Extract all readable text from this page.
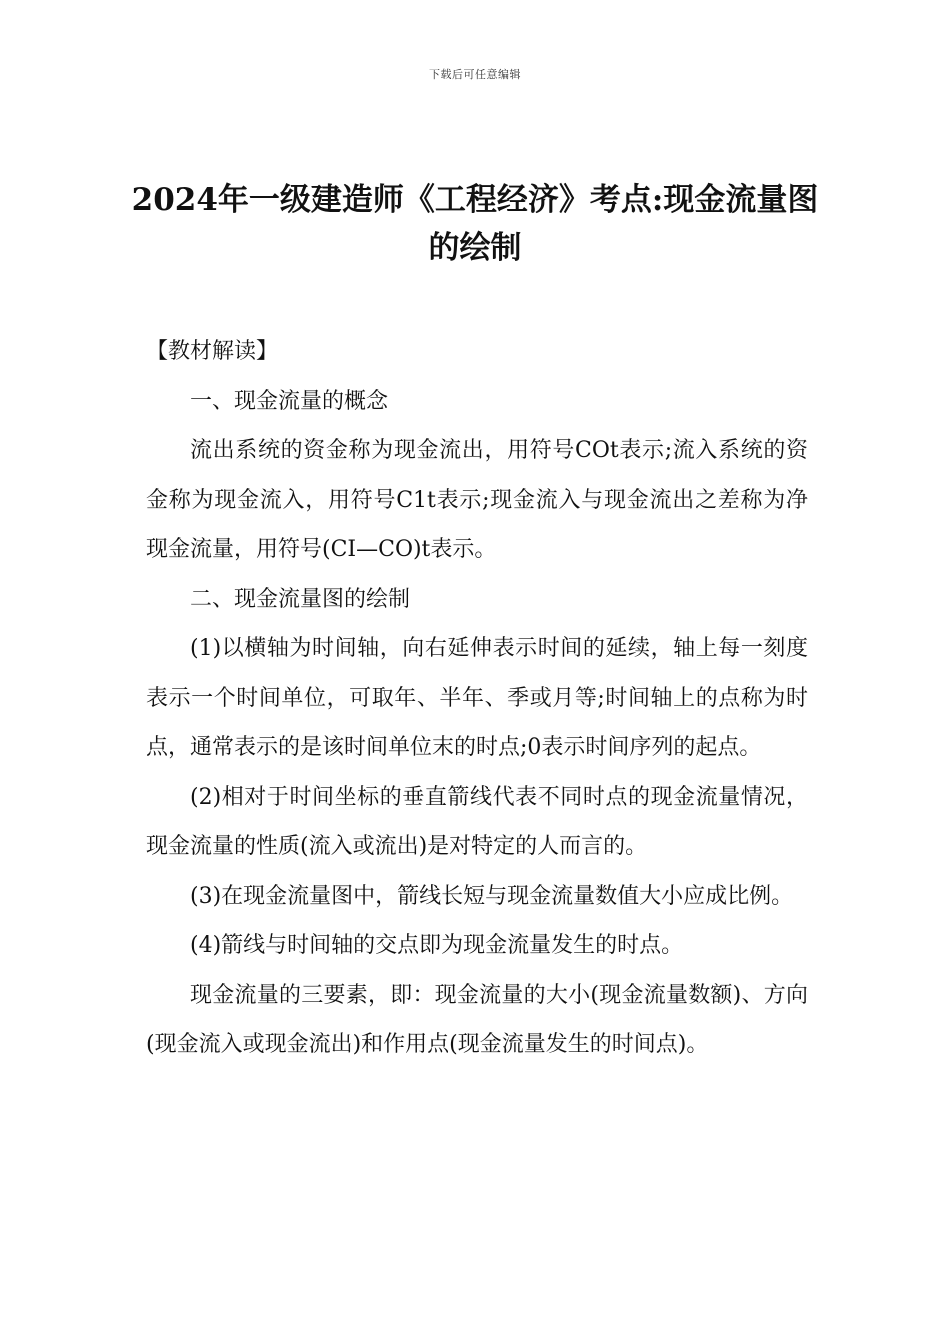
下载后可任意编辑
2024年一级建造师《工程经济》考点:现金流量图的绘制

【教材解读】

一、现金流量的概念

流出系统的资金称为现金流出，用符号COt表示;流入系统的资金称为现金流入，用符号C1t表示;现金流入与现金流出之差称为净现金流量，用符号(CI—CO)t表示。

二、现金流量图的绘制

(1)以横轴为时间轴，向右延伸表示时间的延续，轴上每一刻度表示一个时间单位，可取年、半年、季或月等;时间轴上的点称为时点，通常表示的是该时间单位末的时点;0表示时间序列的起点。

(2)相对于时间坐标的垂直箭线代表不同时点的现金流量情况，现金流量的性质(流入或流出)是对特定的人而言的。

(3)在现金流量图中，箭线长短与现金流量数值大小应成比例。

(4)箭线与时间轴的交点即为现金流量发生的时点。

现金流量的三要素，即：现金流量的大小(现金流量数额)、方向(现金流入或现金流出)和作用点(现金流量发生的时间点)。
